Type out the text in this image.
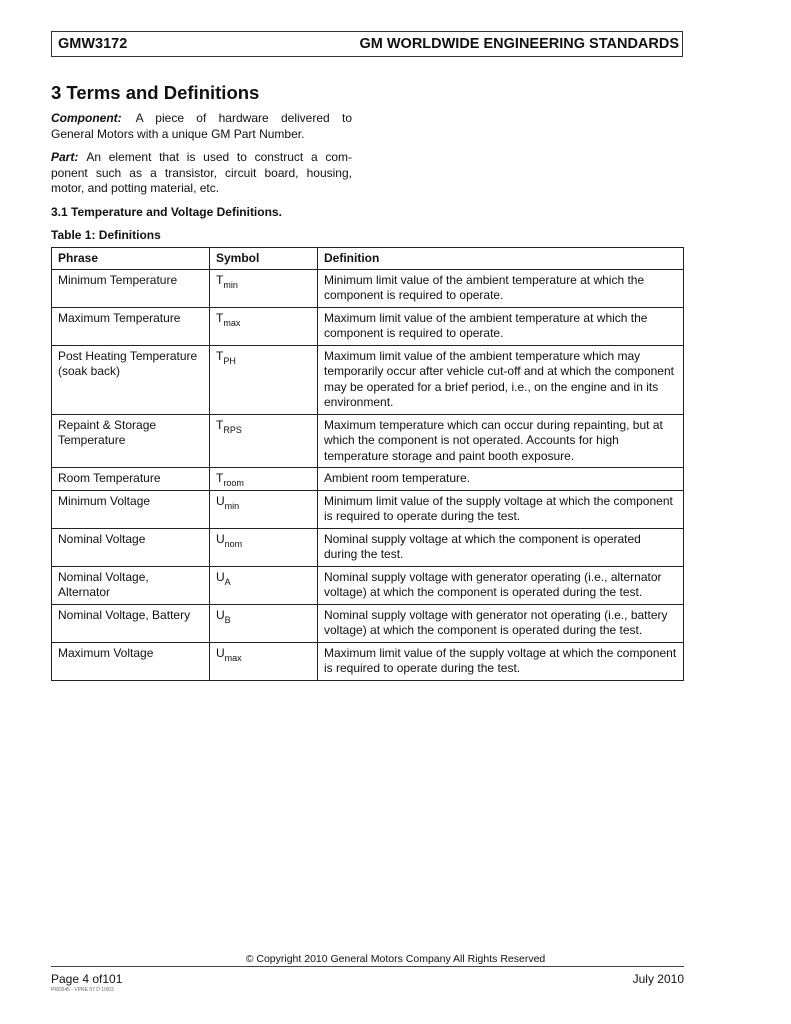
GMW3172	GM WORLDWIDE ENGINEERING STANDARDS
3 Terms and Definitions
Component: A piece of hardware delivered to General Motors with a unique GM Part Number.
Part: An element that is used to construct a com-ponent such as a transistor, circuit board, housing, motor, and potting material, etc.
3.1 Temperature and Voltage Definitions.
Table 1: Definitions
Phrase	Symbol	Definition
Minimum Temperature	$T_{min}$	Minimum limit value of the ambient temperature at which the component is required to operate.
Maximum Temperature	$T_{max}$	Maximum limit value of the ambient temperature at which the component is required to operate.
Post Heating Temperature (soak back)	$T_{PH}$	Maximum limit value of the ambient temperature which may temporarily occur after vehicle cut-off and at which the component may be operated for a brief period, i.e., on the engine and in its environment.
Repaint & Storage Temperature	$T_{RPS}$	Maximum temperature which can occur during repainting, but at which the component is not operated. Accounts for high temperature storage and paint booth exposure.
Room Temperature	$T_{room}$	Ambient room temperature.
Minimum Voltage	$U_{min}$	Minimum limit value of the supply voltage at which the component is required to operate during the test.
Nominal Voltage	$U_{nom}$	Nominal supply voltage at which the component is operated during the test.
Nominal Voltage, Alternator	$U_A$	Nominal supply voltage with generator operating (i.e., alternator voltage) at which the component is operated during the test.
Nominal Voltage, Battery	$U_B$	Nominal supply voltage with generator not operating (i.e., battery voltage) at which the component is operated during the test.
Maximum Voltage	$U_{max}$	Maximum limit value of the supply voltage at which the component is required to operate during the test.
© Copyright 2010 General Motors Company All Rights Reserved
Page 4 of101	July 2010
PRD045 - VPRE 07 D 10/03
